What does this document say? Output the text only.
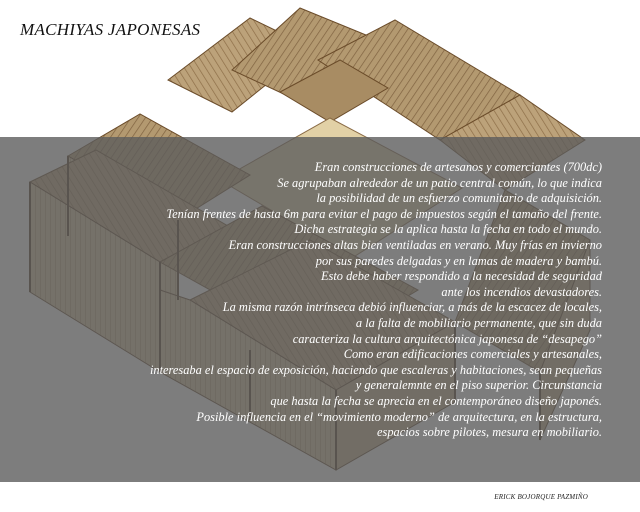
MACHIYAS JAPONESAS
Eran construcciones de artesanos y comerciantes (700dc)
Se agrupaban alrededor de un patio central común, lo que indica
la posibilidad de un esfuerzo comunitario de adquisición.
Tenían frentes de hasta 6m para evitar el pago de impuestos según el tamaño del frente.
Dicha estrategia se la aplica hasta la fecha en todo el mundo.
Eran construcciones altas bien ventiladas en verano. Muy frías en invierno
por sus paredes delgadas y en lamas de madera y bambú.
Esto debe haber respondido a la necesidad de seguridad
ante los incendios devastadores.
La misma razón intrínseca debió influenciar, a más de la escacez de locales,
a la falta de mobiliario permanente, que sin duda
caracteriza la cultura arquitectónica japonesa de “desapego”
Como eran edificaciones comerciales y artesanales,
interesaba el espacio de exposición, haciendo que escaleras y habitaciones, sean pequeñas
y generalemnte en el piso superior. Circunstancia
que hasta la fecha se aprecia en el contemporáneo diseño japonés.
Posible influencia en el “movimiento moderno” de arquitectura, en la estructura,
espacios sobre pilotes, mesura en mobiliario.
ERICK BOJORQUE PAZMIÑO
